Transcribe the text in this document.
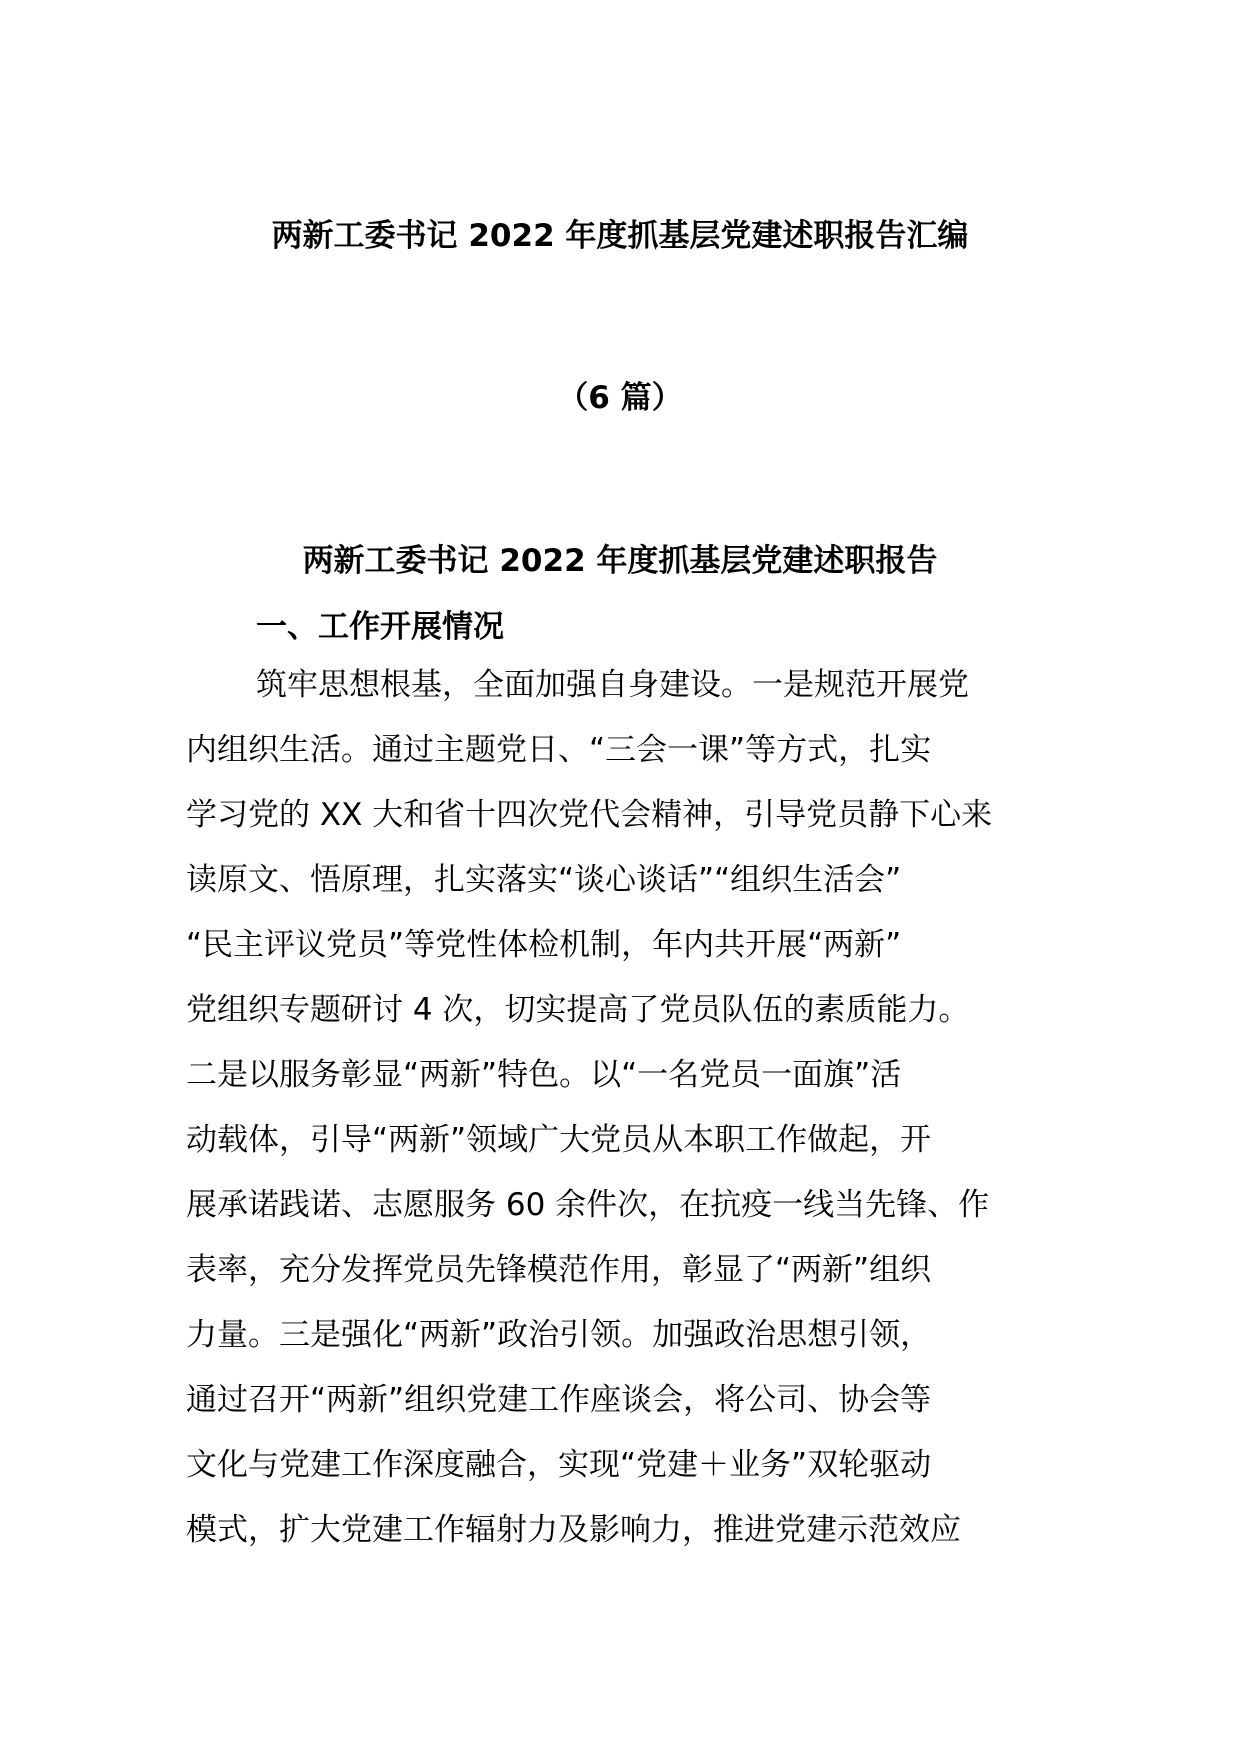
两新工委书记 2022 年度抓基层党建述职报告汇编
（6 篇）
两新工委书记 2022 年度抓基层党建述职报告
一、工作开展情况
筑牢思想根基，全面加强自身建设。一是规范开展党
内组织生活。通过主题党日、“三会一课”等方式，扎实
学习党的 XX 大和省十四次党代会精神，引导党员静下心来
读原文、悟原理，扎实落实“谈心谈话”“组织生活会”
“民主评议党员”等党性体检机制，年内共开展“两新”
党组织专题研讨 4 次，切实提高了党员队伍的素质能力。
二是以服务彰显“两新”特色。以“一名党员一面旗”活
动载体，引导“两新”领域广大党员从本职工作做起，开
展承诺践诺、志愿服务 60 余件次，在抗疫一线当先锋、作
表率，充分发挥党员先锋模范作用，彰显了“两新”组织
力量。三是强化“两新”政治引领。加强政治思想引领，
通过召开“两新”组织党建工作座谈会，将公司、协会等
文化与党建工作深度融合，实现“党建＋业务”双轮驱动
模式，扩大党建工作辐射力及影响力，推进党建示范效应
